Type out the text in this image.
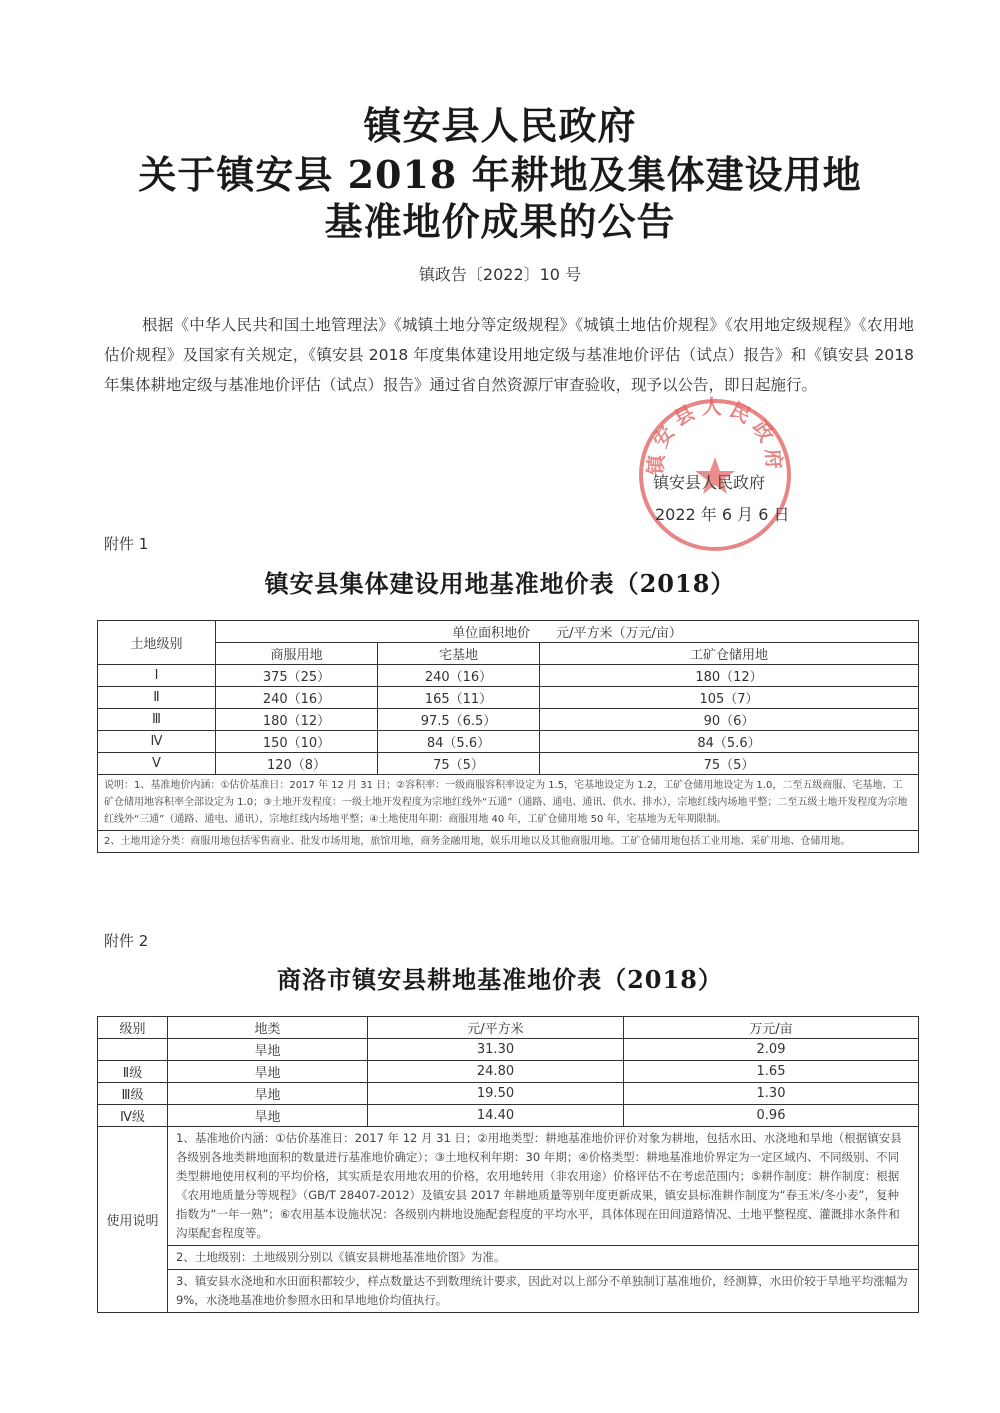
镇安县人民政府
关于镇安县 2018 年耕地及集体建设用地
基准地价成果的公告
镇政告〔2022〕10 号

根据《中华人民共和国土地管理法》《城镇土地分等定级规程》《城镇土地估价规程》《农用地定级规程》《农用地估价规程》及国家有关规定，《镇安县 2018 年度集体建设用地定级与基准地价评估（试点）报告》和《镇安县 2018 年集体耕地定级与基准地价评估（试点）报告》通过省自然资源厅审查验收，现予以公告，即日起施行。

镇安县人民政府
镇安县人民政府
2022 年 6 月 6 日
附件 1
镇安县集体建设用地基准地价表（2018）
土地级别	单位面积地价　　元/平方米（万元/亩）		
	商服用地	宅基地	工矿仓储用地
Ⅰ	375（25）	240（16）	180（12）
Ⅱ	240（16）	165（11）	105（7）
Ⅲ	180（12）	97.5（6.5）	90（6）
Ⅳ	150（10）	84（5.6）	84（5.6）
Ⅴ	120（8）	75（5）	75（5）
说明：1、基准地价内涵：①估价基准日：2017 年 12 月 31 日；②容积率：一级商服容积率设定为 1.5，宅基地设定为 1.2，工矿仓储用地设定为 1.0，二至五级商服、宅基地、工矿仓储用地容积率全部设定为 1.0；③土地开发程度：一级土地开发程度为宗地红线外“五通”（通路、通电、通讯、供水、排水），宗地红线内场地平整；二至五级土地开发程度为宗地红线外“三通”（通路、通电、通讯），宗地红线内场地平整；④土地使用年期：商服用地 40 年，工矿仓储用地 50 年，宅基地为无年期限制。			
2、土地用途分类：商服用地包括零售商业、批发市场用地，旅馆用地，商务金融用地，娱乐用地以及其他商服用地。工矿仓储用地包括工业用地、采矿用地、仓储用地。			
附件 2
商洛市镇安县耕地基准地价表（2018）
级别	地类	元/平方米	万元/亩
	旱地	31.30	2.09
Ⅱ级	旱地	24.80	1.65
Ⅲ级	旱地	19.50	1.30
Ⅳ级	旱地	14.40	0.96
使用说明	1、基准地价内涵：①估价基准日：2017 年 12 月 31 日；②用地类型：耕地基准地价评价对象为耕地，包括水田、水浇地和旱地（根据镇安县各级别各地类耕地面积的数量进行基准地价确定）；③土地权利年期：30 年期；④价格类型：耕地基准地价界定为一定区域内、不同级别、不同类型耕地使用权利的平均价格，其实质是农用地农用的价格，农用地转用（非农用途）价格评估不在考虑范围内；⑤耕作制度：耕作制度：根据《农用地质量分等规程》（GB/T 28407-2012）及镇安县 2017 年耕地质量等别年度更新成果，镇安县标准耕作制度为“春玉米/冬小麦”，复种指数为“一年一熟”；⑥农用基本设施状况：各级别内耕地设施配套程度的平均水平，具体体现在田间道路情况、土地平整程度、灌溉排水条件和沟渠配套程度等。		
	2、土地级别：土地级别分别以《镇安县耕地基准地价图》为准。		
	3、镇安县水浇地和水田面积都较少，样点数量达不到数理统计要求，因此对以上部分不单独制订基准地价，经测算，水田价较于旱地平均涨幅为 9%，水浇地基准地价参照水田和旱地地价均值执行。		
